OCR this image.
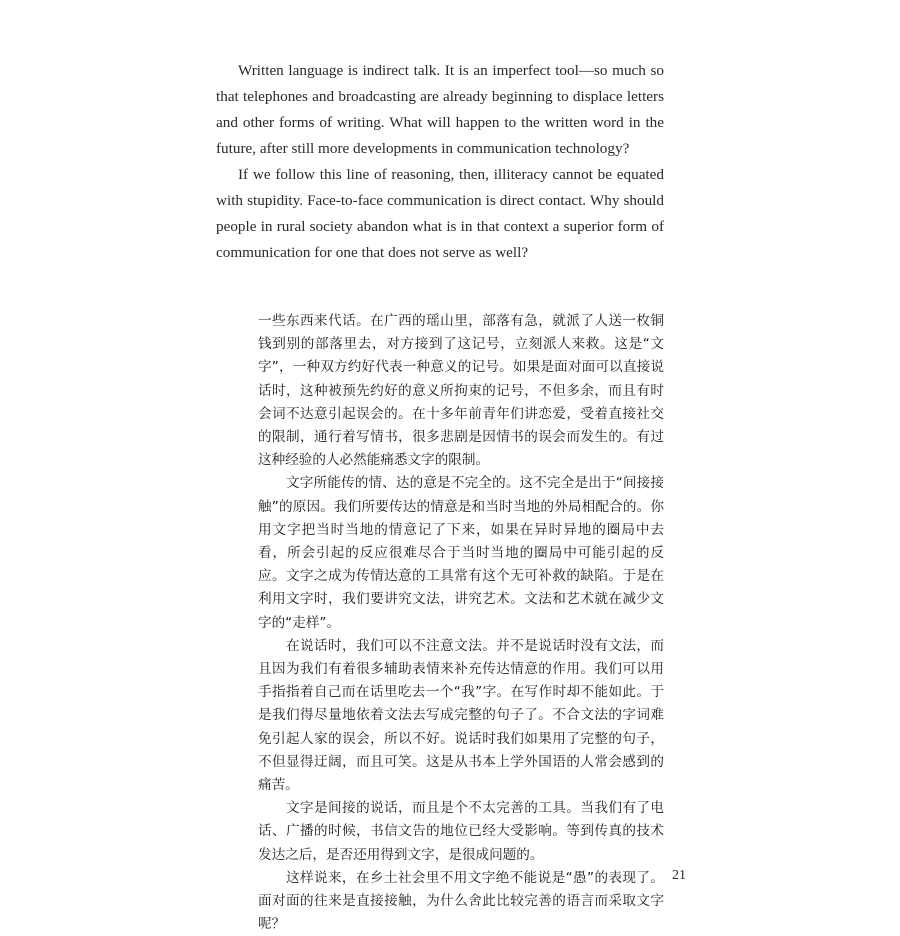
Written language is indirect talk. It is an imperfect tool—so much so that telephones and broadcasting are already beginning to displace letters and other forms of writing. What will happen to the written word in the future, after still more developments in communication technology?

If we follow this line of reasoning, then, illiteracy cannot be equated with stupidity. Face-to-face communication is direct contact. Why should people in rural society abandon what is in that context a superior form of communication for one that does not serve as well?

一些东西来代话。在广西的瑶山里，部落有急，就派了人送一枚铜钱到别的部落里去，对方接到了这记号，立刻派人来救。这是“文字”，一种双方约好代表一种意义的记号。如果是面对面可以直接说话时，这种被预先约好的意义所拘束的记号，不但多余，而且有时会词不达意引起误会的。在十多年前青年们讲恋爱，受着直接社交的限制，通行着写情书，很多悲剧是因情书的误会而发生的。有过这种经验的人必然能痛悉文字的限制。

文字所能传的情、达的意是不完全的。这不完全是出于“间接接触”的原因。我们所要传达的情意是和当时当地的外局相配合的。你用文字把当时当地的情意记了下来，如果在异时异地的圈局中去看，所会引起的反应很难尽合于当时当地的圈局中可能引起的反应。文字之成为传情达意的工具常有这个无可补救的缺陷。于是在利用文字时，我们要讲究文法，讲究艺术。文法和艺术就在减少文字的“走样”。

在说话时，我们可以不注意文法。并不是说话时没有文法，而且因为我们有着很多辅助表情来补充传达情意的作用。我们可以用手指指着自己而在话里吃去一个“我”字。在写作时却不能如此。于是我们得尽量地依着文法去写成完整的句子了。不合文法的字词难免引起人家的误会，所以不好。说话时我们如果用了完整的句子，不但显得迂阔，而且可笑。这是从书本上学外国语的人常会感到的痛苦。

文字是间接的说话，而且是个不太完善的工具。当我们有了电话、广播的时候，书信文告的地位已经大受影响。等到传真的技术发达之后，是否还用得到文字，是很成问题的。

这样说来，在乡土社会里不用文字绝不能说是“愚”的表现了。面对面的往来是直接接触，为什么舍此比较完善的语言而采取文字呢？

21
